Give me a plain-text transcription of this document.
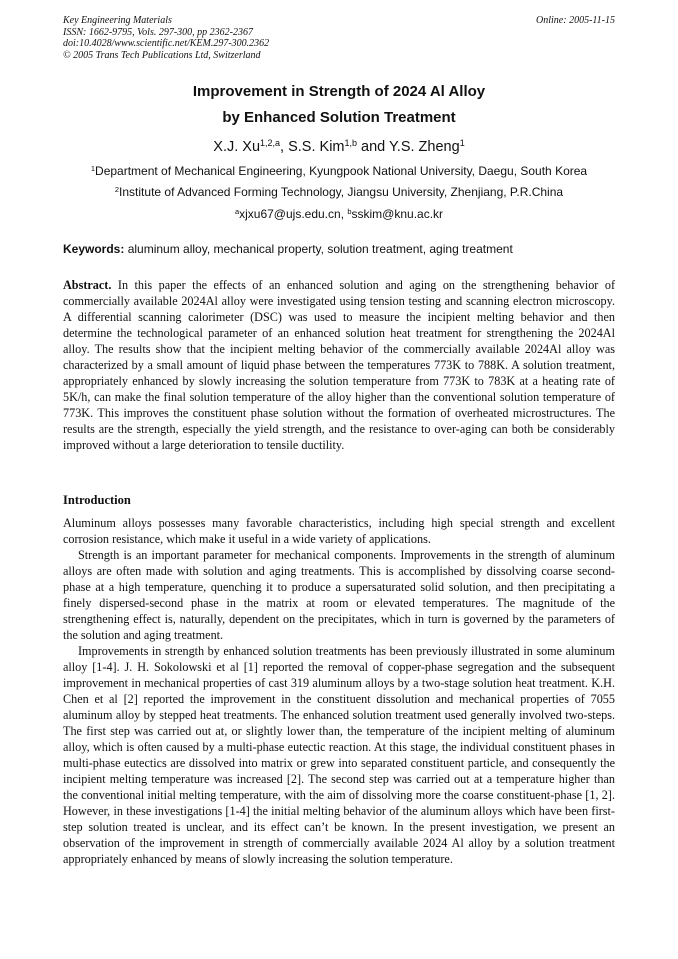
Key Engineering Materials
ISSN: 1662-9795, Vols. 297-300, pp 2362-2367
doi:10.4028/www.scientific.net/KEM.297-300.2362
© 2005 Trans Tech Publications Ltd, Switzerland
Online: 2005-11-15
Improvement in Strength of 2024 Al Alloy
by Enhanced Solution Treatment
X.J. Xu$^{1,2,a}$, S.S. Kim$^{1,b}$ and Y.S. Zheng$^1$
$^1$Department of Mechanical Engineering, Kyungpook National University, Daegu, South Korea
$^2$Institute of Advanced Forming Technology, Jiangsu University, Zhenjiang, P.R.China
$^a$xjxu67@ujs.edu.cn, $^b$sskim@knu.ac.kr
Keywords: aluminum alloy, mechanical property, solution treatment, aging treatment
Abstract. In this paper the effects of an enhanced solution and aging on the strengthening behavior of commercially available 2024Al alloy were investigated using tension testing and scanning electron microscopy. A differential scanning calorimeter (DSC) was used to measure the incipient melting behavior and then determine the technological parameter of an enhanced solution heat treatment for strengthening the 2024Al alloy. The results show that the incipient melting behavior of the commercially available 2024Al alloy was characterized by a small amount of liquid phase between the temperatures 773K to 788K. A solution treatment, appropriately enhanced by slowly increasing the solution temperature from 773K to 783K at a heating rate of 5K/h, can make the final solution temperature of the alloy higher than the conventional solution temperature of 773K. This improves the constituent phase solution without the formation of overheated microstructures. The results are the strength, especially the yield strength, and the resistance to over-aging can both be considerably improved without a large deterioration to tensile ductility.
Introduction

Aluminum alloys possesses many favorable characteristics, including high special strength and excellent corrosion resistance, which make it useful in a wide variety of applications.

Strength is an important parameter for mechanical components. Improvements in the strength of aluminum alloys are often made with solution and aging treatments. This is accomplished by dissolving coarse second-phase at a high temperature, quenching it to produce a supersaturated solid solution, and then precipitating a finely dispersed-second phase in the matrix at room or elevated temperatures. The magnitude of the strengthening effect is, naturally, dependent on the precipitates, which in turn is governed by the parameters of the solution and aging treatment.

Improvements in strength by enhanced solution treatments has been previously illustrated in some aluminum alloy [1-4]. J. H. Sokolowski et al [1] reported the removal of copper-phase segregation and the subsequent improvement in mechanical properties of cast 319 aluminum alloys by a two-stage solution heat treatment. K.H. Chen et al [2] reported the improvement in the constituent dissolution and mechanical properties of 7055 aluminum alloy by stepped heat treatments. The enhanced solution treatment used generally involved two-steps. The first step was carried out at, or slightly lower than, the temperature of the incipient melting of aluminum alloy, which is often caused by a multi-phase eutectic reaction. At this stage, the individual constituent phases in multi-phase eutectics are dissolved into matrix or grew into separated constituent particle, and consequently the incipient melting temperature was increased [2]. The second step was carried out at a temperature higher than the conventional initial melting temperature, with the aim of dissolving more the coarse constituent-phase [1, 2]. However, in these investigations [1-4] the initial melting behavior of the aluminum alloys which have been first-step solution treated is unclear, and its effect can’t be known. In the present investigation, we present an observation of the improvement in strength of commercially available 2024 Al alloy by a solution treatment appropriately enhanced by means of slowly increasing the solution temperature.
